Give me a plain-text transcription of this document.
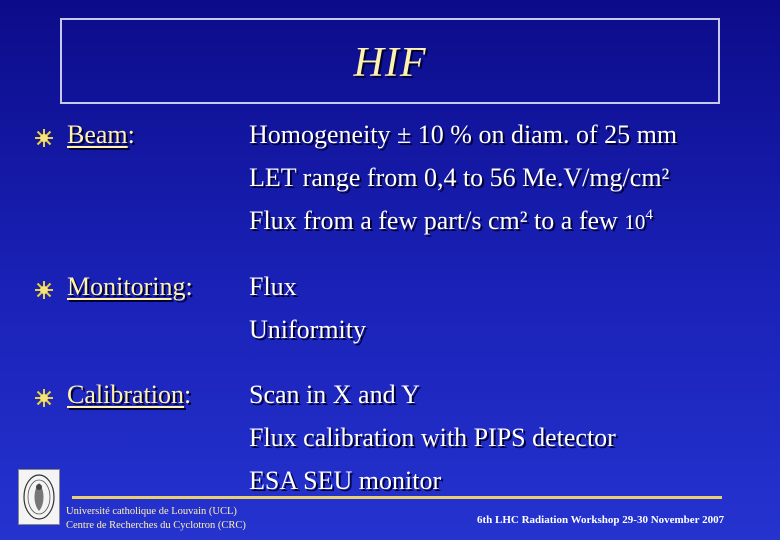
HIF
Beam:	Homogeneity ± 10 % on diam. of 25 mm
LET range from 0,4 to 56 Me.V/mg/cm²
Flux from a few part/s cm² to a few $10^4$
Monitoring: Flux
Uniformity
Calibration: Scan in X and Y
Flux calibration with PIPS detector
ESA SEU monitor
Université catholique de Louvain (UCL)
Centre de Recherches du Cyclotron (CRC)	6th LHC Radiation Workshop 29-30 November 2007
